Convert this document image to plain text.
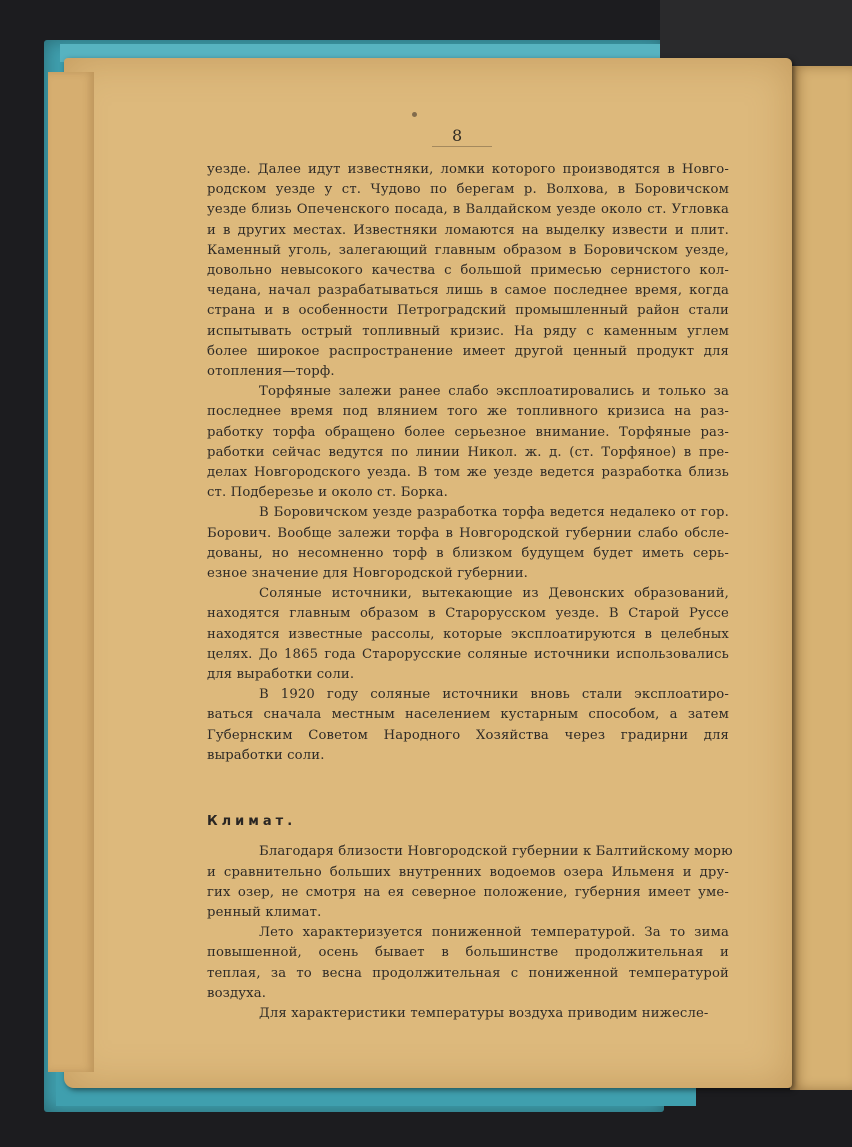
8
уезде. Далее идут известняки, ломки которого производятся в Новго-
родском уезде у ст. Чудово по берегам р. Волхова, в Боровичском
уезде близь Опеченского посада, в Валдайском уезде около ст. Угловка
и в других местах. Известняки ломаются на выделку извести и плит.
Каменный уголь, залегающий главным образом в Боровичском уезде,
довольно невысокого качества с большой примесью сернистого кол-
чедана, начал разрабатываться лишь в самое последнее время, когда
страна и в особенности Петроградский промышленный район стали
испытывать острый топливный кризис. На ряду с каменным углем
более широкое распространение имеет другой ценный продукт для
отопления—торф.
Торфяные залежи ранее слабо эксплоатировались и только за
последнее время под влянием того же топливного кризиса на раз-
работку торфа обращено более серьезное внимание. Торфяные раз-
работки сейчас ведутся по линии Никол. ж. д. (ст. Торфяное) в пре-
делах Новгородского уезда. В том же уезде ведется разработка близь
ст. Подберезье и около ст. Борка.
В Боровичском уезде разработка торфа ведется недалеко от гор.
Борович. Вообще залежи торфа в Новгородской губернии слабо обсле-
дованы, но несомненно торф в близком будущем будет иметь серь-
езное значение для Новгородской губернии.
Соляные источники, вытекающие из Девонских образований,
находятся главным образом в Старорусском уезде. В Старой Руссе
находятся известные рассолы, которые эксплоатируются в целебных
целях. До 1865 года Старорусские соляные источники использовались
для выработки соли.
В 1920 году соляные источники вновь стали эксплоатиро-
ваться сначала местным населением кустарным способом, а затем
Губернским Советом Народного Хозяйства через градирни для
выработки соли.
Климат.
Благодаря близости Новгородской губернии к Балтийскому морю
и сравнительно больших внутренних водоемов озера Ильменя и дру-
гих озер, не смотря на ея северное положение, губерния имеет уме-
ренный климат.
Лето характеризуется пониженной температурой. За то зима
повышенной, осень бывает в большинстве продолжительная и
теплая, за то весна продолжительная с пониженной температурой
воздуха.
Для характеристики температуры воздуха приводим нижесле-
